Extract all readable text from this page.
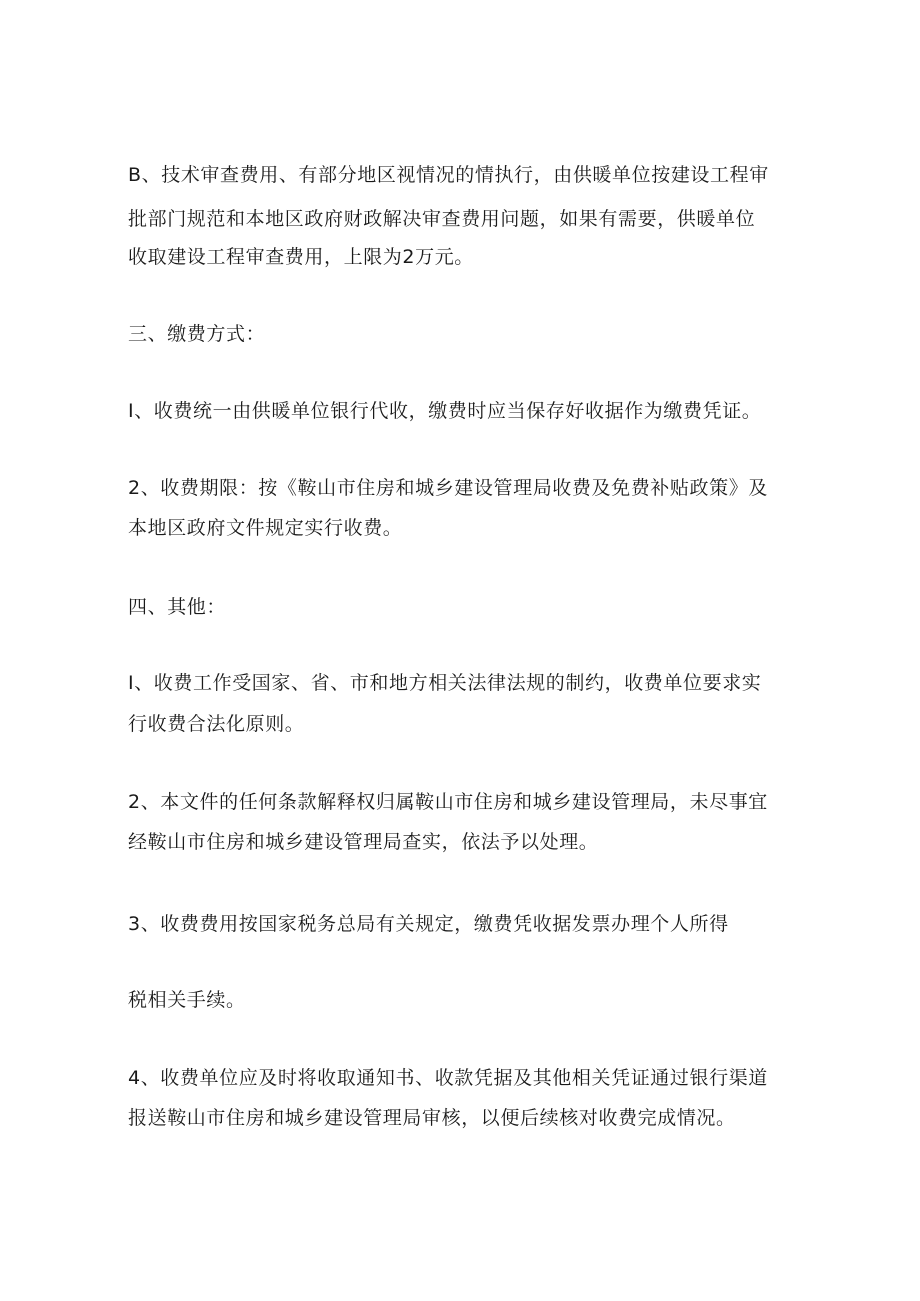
B、技术审查费用、有部分地区视情况的情执行，由供暖单位按建设工程审
批部门规范和本地区政府财政解决审查费用问题，如果有需要，供暖单位
收取建设工程审查费用，上限为2万元。
三、缴费方式：
I、收费统一由供暖单位银行代收，缴费时应当保存好收据作为缴费凭证。
2、收费期限：按《鞍山市住房和城乡建设管理局收费及免费补贴政策》及
本地区政府文件规定实行收费。
四、其他：
I、收费工作受国家、省、市和地方相关法律法规的制约，收费单位要求实
行收费合法化原则。
2、本文件的任何条款解释权归属鞍山市住房和城乡建设管理局，未尽事宜
经鞍山市住房和城乡建设管理局查实，依法予以处理。
3、收费费用按国家税务总局有关规定，缴费凭收据发票办理个人所得
税相关手续。
4、收费单位应及时将收取通知书、收款凭据及其他相关凭证通过银行渠道
报送鞍山市住房和城乡建设管理局审核，以便后续核对收费完成情况。
